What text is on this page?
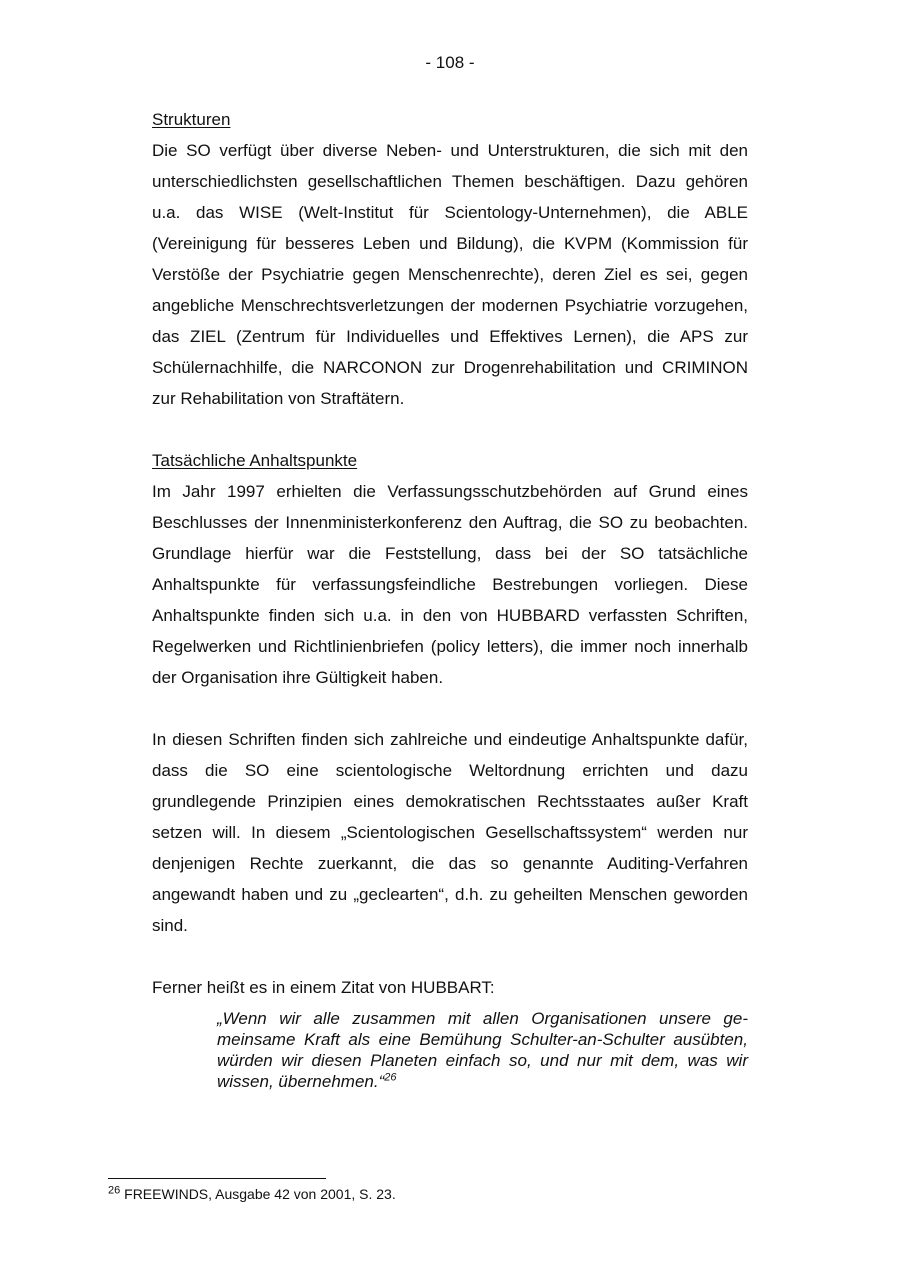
- 108 -

Strukturen

Die SO verfügt über diverse Neben- und Unterstrukturen, die sich mit den unterschiedlichsten gesellschaftlichen Themen beschäftigen. Dazu gehören u.a. das WISE (Welt-Institut für Scientology-Unternehmen), die ABLE (Vereinigung für besseres Leben und Bildung), die KVPM (Kommission für Verstöße der Psychiatrie gegen Menschenrechte), deren Ziel es sei, gegen angebliche Menschrechtsverletzungen der modernen Psychiatrie vorzugehen, das ZIEL (Zentrum für Individuelles und Effektives Lernen), die APS zur Schülernachhilfe, die NARCONON zur Drogenrehabilitation und CRIMINON zur Rehabilitation von Straftätern.

Tatsächliche Anhaltspunkte

Im Jahr 1997 erhielten die Verfassungsschutzbehörden auf Grund eines Beschlusses der Innenministerkonferenz den Auftrag, die SO zu beobachten. Grundlage hierfür war die Feststellung, dass bei der SO tatsächliche Anhaltspunkte für verfassungsfeindliche Bestrebungen vorliegen. Diese Anhaltspunkte finden sich u.a. in den von HUBBARD verfassten Schriften, Regelwerken und Richtlinienbriefen (policy letters), die immer noch innerhalb der Organisation ihre Gültigkeit haben.

In diesen Schriften finden sich zahlreiche und eindeutige Anhaltspunkte dafür, dass die SO eine scientologische Weltordnung errichten und dazu grundlegende Prinzipien eines demokratischen Rechtsstaates außer Kraft setzen will. In diesem „Scientologischen Gesellschaftssystem“ werden nur denjenigen Rechte zuerkannt, die das so genannte Auditing-Verfahren angewandt haben und zu „geclearten“, d.h. zu geheilten Menschen geworden sind.

Ferner heißt es in einem Zitat von HUBBART:

„Wenn wir alle zusammen mit allen Organisationen unsere gemeinsame Kraft als eine Bemühung Schulter-an-Schulter ausübten, würden wir diesen Planeten einfach so, und nur mit dem, was wir wissen, übernehmen.“$^{26}$

$^{26}$ FREEWINDS, Ausgabe 42 von 2001, S. 23.
